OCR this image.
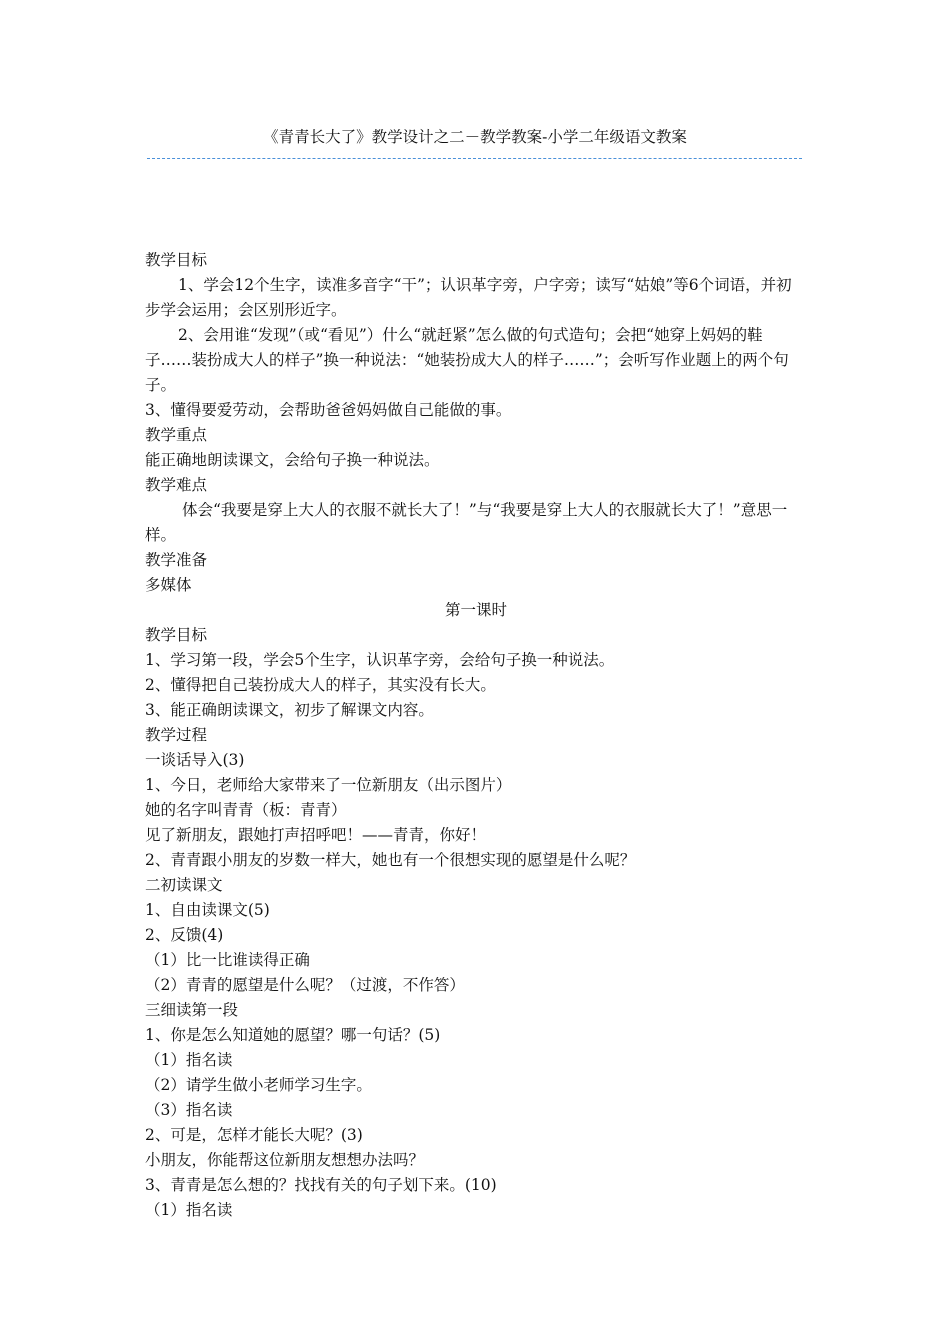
《青青长大了》教学设计之二－教学教案-小学二年级语文教案

教学目标

1、学会12个生字，读准多音字“干”；认识革字旁，户字旁；读写“姑娘”等6个词语，并初步学会运用；会区别形近字。

2、会用谁“发现”（或“看见”）什么“就赶紧”怎么做的句式造句；会把“她穿上妈妈的鞋子……装扮成大人的样子”换一种说法：“她装扮成大人的样子……”；会听写作业题上的两个句子。

3、懂得要爱劳动，会帮助爸爸妈妈做自己能做的事。

教学重点

能正确地朗读课文，会给句子换一种说法。

教学难点

体会“我要是穿上大人的衣服不就长大了！”与“我要是穿上大人的衣服就长大了！”意思一样。

教学准备

多媒体

第一课时

教学目标

1、学习第一段，学会5个生字，认识革字旁，会给句子换一种说法。

2、懂得把自己装扮成大人的样子，其实没有长大。

3、能正确朗读课文，初步了解课文内容。

教学过程

一谈话导入(3)

1、今日，老师给大家带来了一位新朋友（出示图片）

她的名字叫青青（板：青青）

见了新朋友，跟她打声招呼吧！——青青，你好！

2、青青跟小朋友的岁数一样大，她也有一个很想实现的愿望是什么呢？

二初读课文

1、自由读课文(5)

2、反馈(4)

（1）比一比谁读得正确

（2）青青的愿望是什么呢？（过渡，不作答）

三细读第一段

1、你是怎么知道她的愿望？哪一句话？(5)

（1）指名读

（2）请学生做小老师学习生字。

（3）指名读

2、可是，怎样才能长大呢？(3)

小朋友，你能帮这位新朋友想想办法吗？

3、青青是怎么想的？找找有关的句子划下来。(10)

（1）指名读
